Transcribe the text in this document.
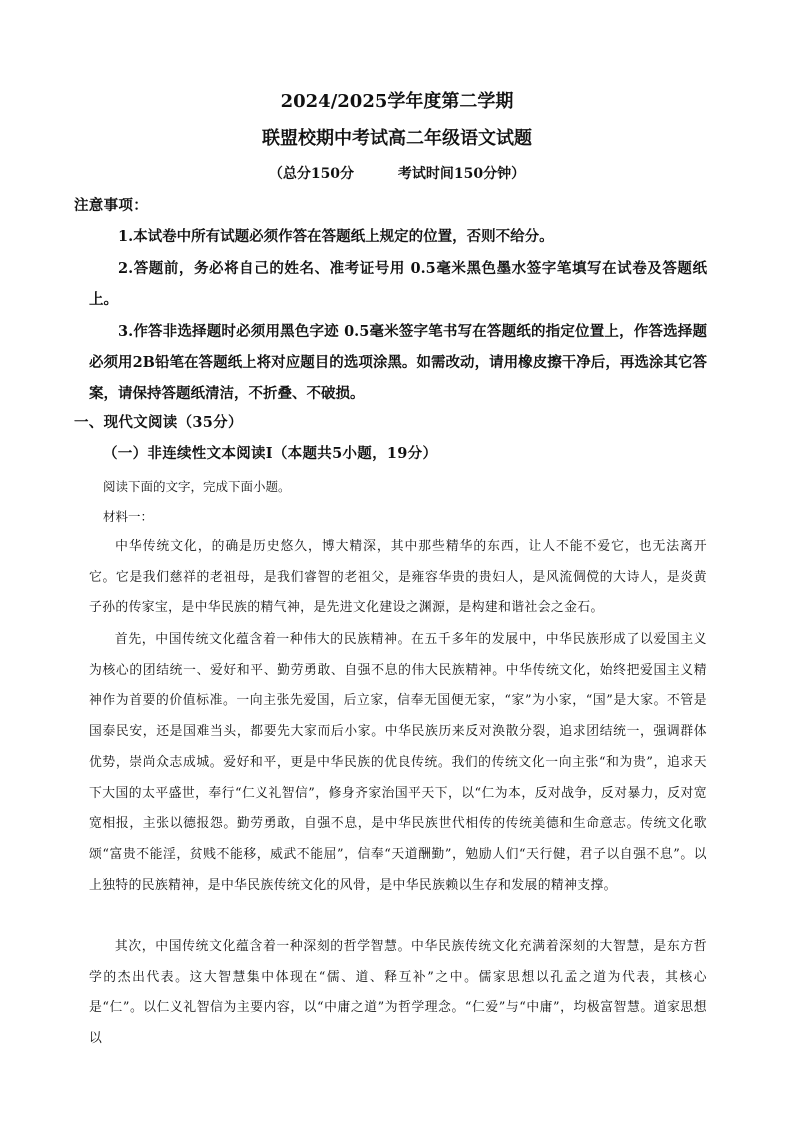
2024/2025学年度第二学期
联盟校期中考试高二年级语文试题
（总分150分         考试时间150分钟）
注意事项：
1.本试卷中所有试题必须作答在答题纸上规定的位置，否则不给分。
2.答题前，务必将自己的姓名、准考证号用 0.5毫米黑色墨水签字笔填写在试卷及答题纸上。
3.作答非选择题时必须用黑色字迹 0.5毫米签字笔书写在答题纸的指定位置上，作答选择题必须用2B铅笔在答题纸上将对应题目的选项涂黑。如需改动，请用橡皮擦干净后，再选涂其它答案，请保持答题纸清洁，不折叠、不破损。
一、现代文阅读（35分）
（一）非连续性文本阅读Ⅰ（本题共5小题，19分）
阅读下面的文字，完成下面小题。
材料一：
中华传统文化，的确是历史悠久，博大精深，其中那些精华的东西，让人不能不爱它，也无法离开它。它是我们慈祥的老祖母，是我们睿智的老祖父，是雍容华贵的贵妇人，是风流倜傥的大诗人，是炎黄子孙的传家宝，是中华民族的精气神，是先进文化建设之渊源，是构建和谐社会之金石。
首先，中国传统文化蕴含着一种伟大的民族精神。在五千多年的发展中，中华民族形成了以爱国主义为核心的团结统一、爱好和平、勤劳勇敢、自强不息的伟大民族精神。中华传统文化，始终把爱国主义精神作为首要的价值标准。一向主张先爱国，后立家，信奉无国便无家，“家”为小家，“国”是大家。不管是国泰民安，还是国难当头，都要先大家而后小家。中华民族历来反对涣散分裂，追求团结统一，强调群体优势，崇尚众志成城。爱好和平，更是中华民族的优良传统。我们的传统文化一向主张“和为贵”，追求天下大国的太平盛世，奉行“仁义礼智信”，修身齐家治国平天下，以“仁为本，反对战争，反对暴力，反对宽宽相报，主张以德报怨。勤劳勇敢，自强不息，是中华民族世代相传的传统美德和生命意志。传统文化歌颂“富贵不能淫，贫贱不能移，威武不能屈”，信奉“天道酬勤”，勉励人们“天行健，君子以自强不息”。以上独特的民族精神，是中华民族传统文化的风骨，是中华民族赖以生存和发展的精神支撑。
其次，中国传统文化蕴含着一种深刻的哲学智慧。中华民族传统文化充满着深刻的大智慧，是东方哲学的杰出代表。这大智慧集中体现在“儒、道、释互补”之中。儒家思想以孔孟之道为代表，其核心是“仁”。以仁义礼智信为主要内容，以“中庸之道”为哲学理念。“仁爱”与“中庸”，均极富智慧。道家思想以
